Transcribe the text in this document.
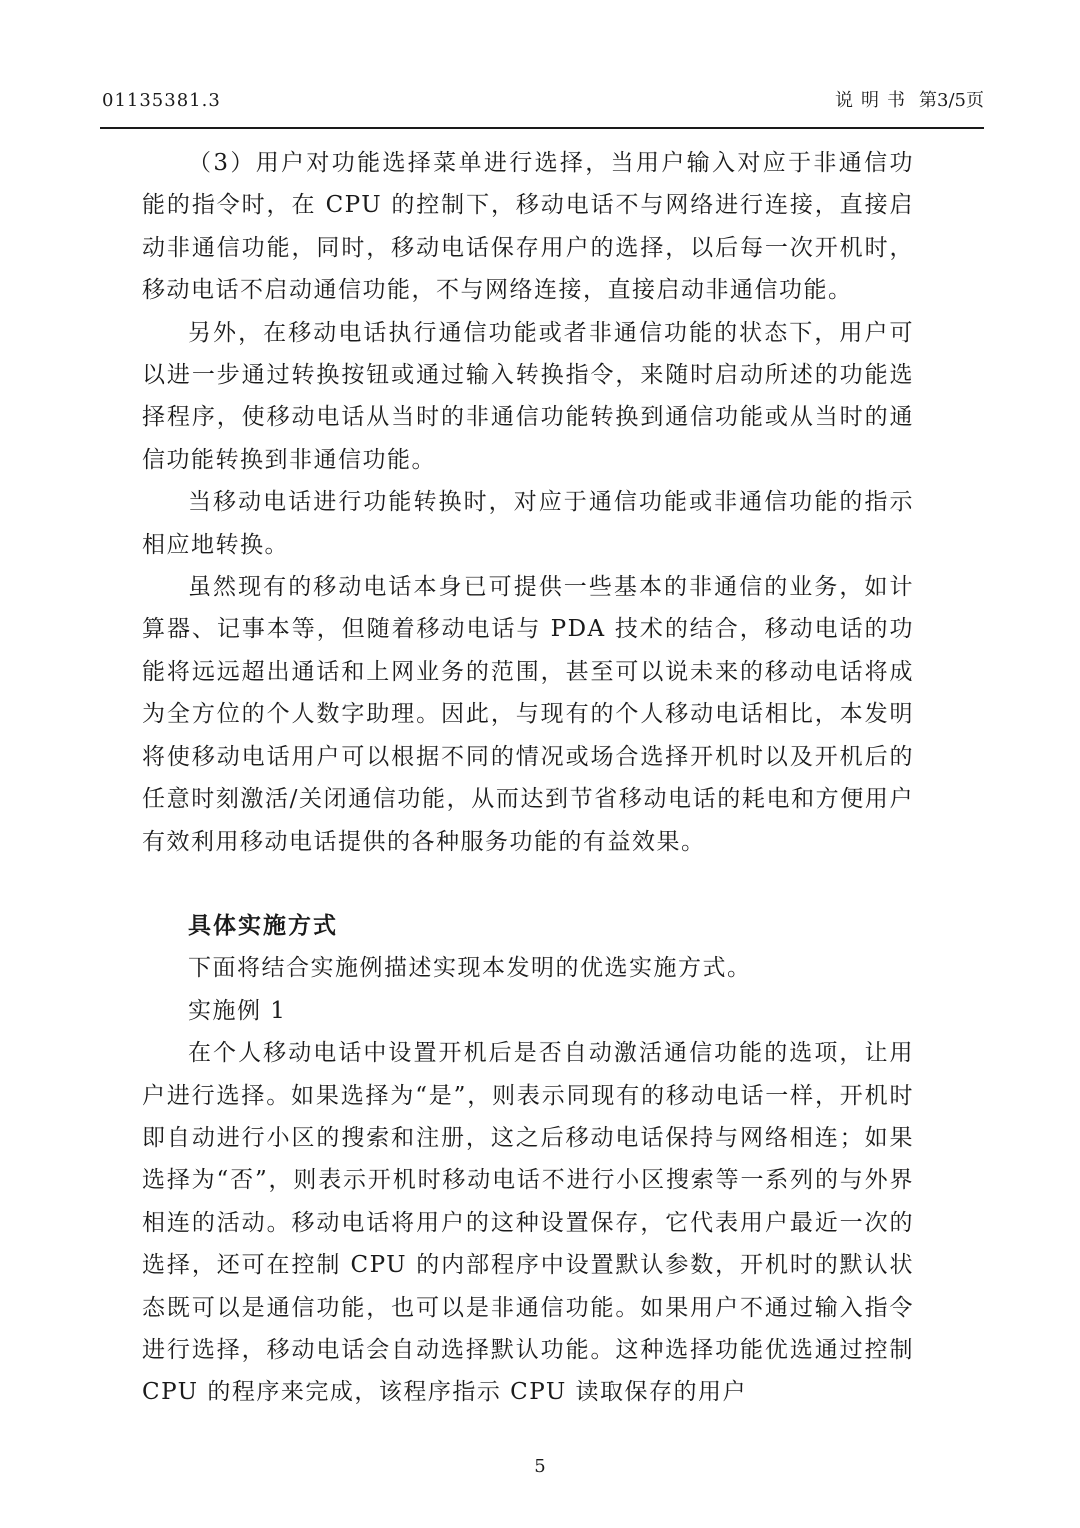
01135381.3	说明书 第3/5页

（3）用户对功能选择菜单进行选择，当用户输入对应于非通信功能的指令时，在 CPU 的控制下，移动电话不与网络进行连接，直接启动非通信功能，同时，移动电话保存用户的选择，以后每一次开机时，移动电话不启动通信功能，不与网络连接，直接启动非通信功能。

另外，在移动电话执行通信功能或者非通信功能的状态下，用户可以进一步通过转换按钮或通过输入转换指令，来随时启动所述的功能选择程序，使移动电话从当时的非通信功能转换到通信功能或从当时的通信功能转换到非通信功能。

当移动电话进行功能转换时，对应于通信功能或非通信功能的指示相应地转换。

虽然现有的移动电话本身已可提供一些基本的非通信的业务，如计算器、记事本等，但随着移动电话与 PDA 技术的结合，移动电话的功能将远远超出通话和上网业务的范围，甚至可以说未来的移动电话将成为全方位的个人数字助理。因此，与现有的个人移动电话相比，本发明将使移动电话用户可以根据不同的情况或场合选择开机时以及开机后的任意时刻激活/关闭通信功能，从而达到节省移动电话的耗电和方便用户有效利用移动电话提供的各种服务功能的有益效果。

具体实施方式

下面将结合实施例描述实现本发明的优选实施方式。

实施例 1

在个人移动电话中设置开机后是否自动激活通信功能的选项，让用户进行选择。如果选择为“是”，则表示同现有的移动电话一样，开机时即自动进行小区的搜索和注册，这之后移动电话保持与网络相连；如果选择为“否”，则表示开机时移动电话不进行小区搜索等一系列的与外界相连的活动。移动电话将用户的这种设置保存，它代表用户最近一次的选择，还可在控制 CPU 的内部程序中设置默认参数，开机时的默认状态既可以是通信功能，也可以是非通信功能。如果用户不通过输入指令进行选择，移动电话会自动选择默认功能。这种选择功能优选通过控制 CPU 的程序来完成，该程序指示 CPU 读取保存的用户

5
